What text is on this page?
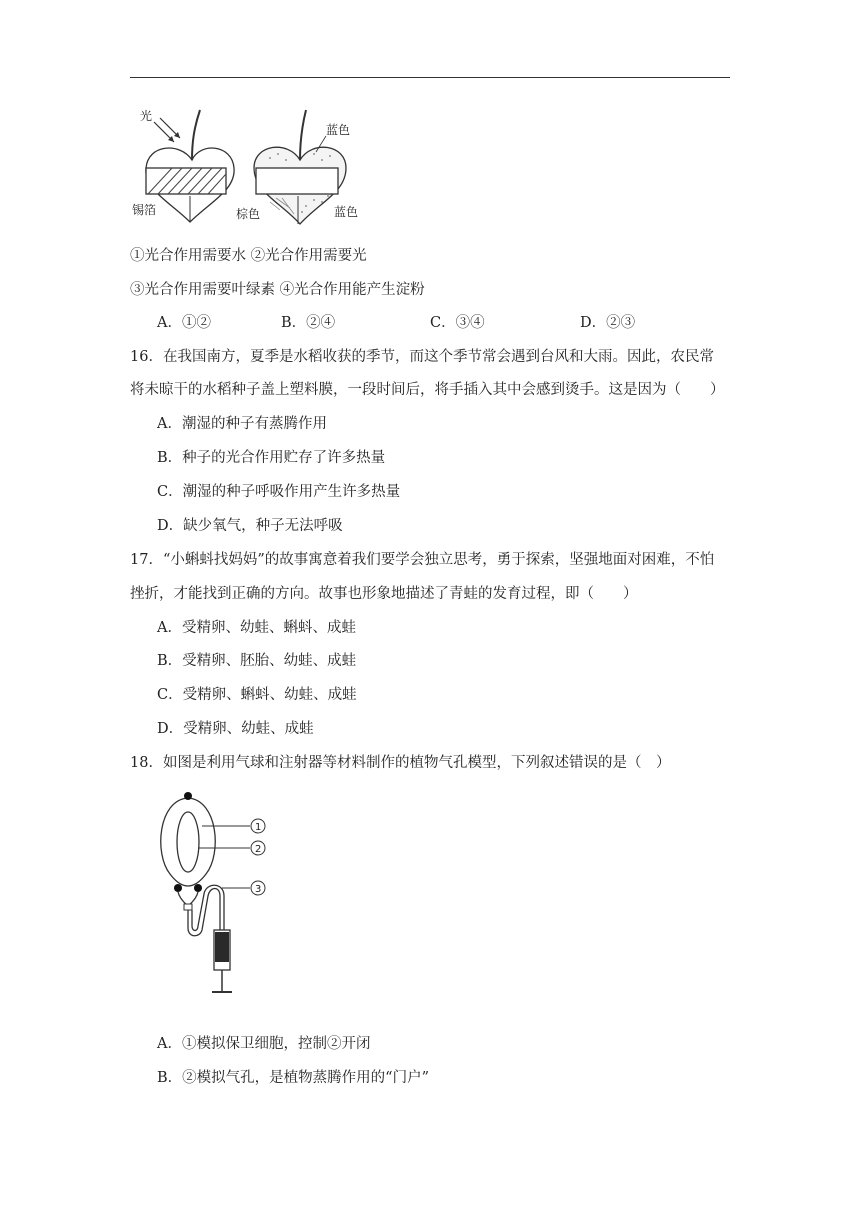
光
锡箔
蓝色
棕色	蓝色
①光合作用需要水 ②光合作用需要光
③光合作用需要叶绿素 ④光合作用能产生淀粉
A．①②	B．②④	C．③④	D．②③
16．在我国南方，夏季是水稻收获的季节，而这个季节常会遇到台风和大雨。因此，农民常
将未晾干的水稻种子盖上塑料膜，一段时间后，将手插入其中会感到烫手。这是因为（　　）
A．潮湿的种子有蒸腾作用
B．种子的光合作用贮存了许多热量
C．潮湿的种子呼吸作用产生许多热量
D．缺少氧气，种子无法呼吸
17．“小蝌蚪找妈妈”的故事寓意着我们要学会独立思考，勇于探索，坚强地面对困难，不怕
挫折，才能找到正确的方向。故事也形象地描述了青蛙的发育过程，即（　　）
A．受精卵、幼蛙、蝌蚪、成蛙
B．受精卵、胚胎、幼蛙、成蛙
C．受精卵、蝌蚪、幼蛙、成蛙
D．受精卵、幼蛙、成蛙
18．如图是利用气球和注射器等材料制作的植物气孔模型，下列叙述错误的是（　）
1
2
3
A．①模拟保卫细胞，控制②开闭
B．②模拟气孔，是植物蒸腾作用的“门户”
